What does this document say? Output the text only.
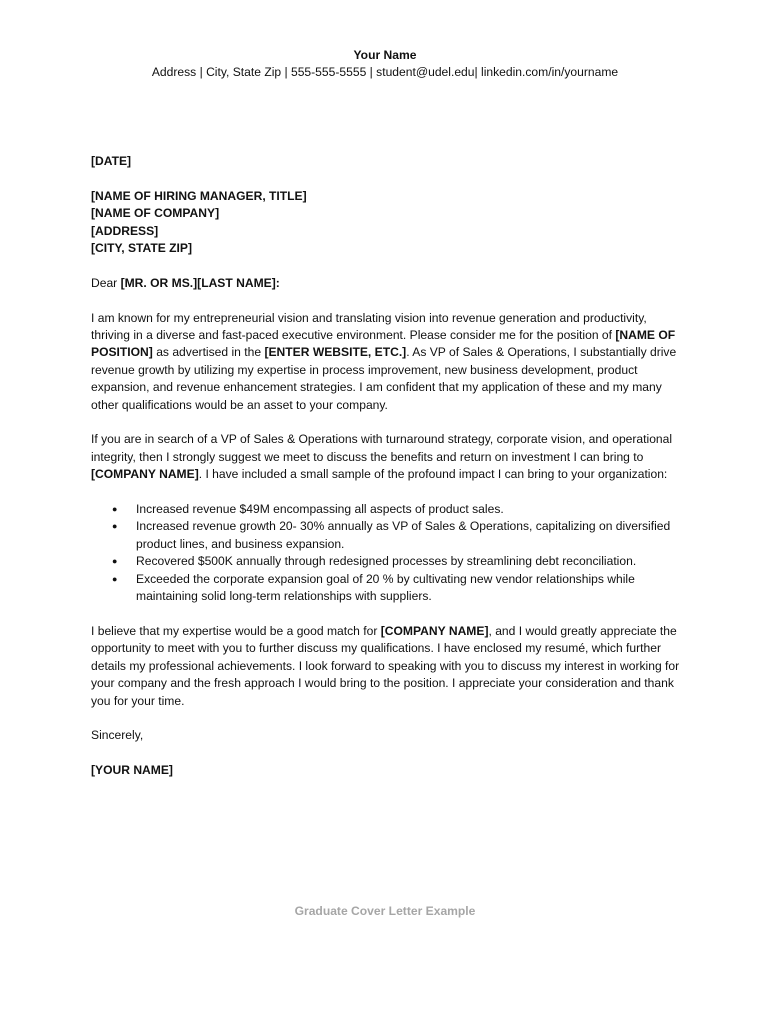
Your Name
Address | City, State Zip | 555-555-5555 | student@udel.edu| linkedin.com/in/yourname

[DATE]

[NAME OF HIRING MANAGER, TITLE]
[NAME OF COMPANY]
[ADDRESS]
[CITY, STATE ZIP]

Dear [MR. OR MS.][LAST NAME]:

I am known for my entrepreneurial vision and translating vision into revenue generation and productivity, thriving in a diverse and fast-paced executive environment. Please consider me for the position of [NAME OF POSITION] as advertised in the [ENTER WEBSITE, ETC.]. As VP of Sales & Operations, I substantially drive revenue growth by utilizing my expertise in process improvement, new business development, product expansion, and revenue enhancement strategies. I am confident that my application of these and my many other qualifications would be an asset to your company.

If you are in search of a VP of Sales & Operations with turnaround strategy, corporate vision, and operational integrity, then I strongly suggest we meet to discuss the benefits and return on investment I can bring to [COMPANY NAME]. I have included a small sample of the profound impact I can bring to your organization:

● Increased revenue $49M encompassing all aspects of product sales.
● Increased revenue growth 20- 30% annually as VP of Sales & Operations, capitalizing on diversified product lines, and business expansion.
● Recovered $500K annually through redesigned processes by streamlining debt reconciliation.
● Exceeded the corporate expansion goal of 20 % by cultivating new vendor relationships while maintaining solid long-term relationships with suppliers.

I believe that my expertise would be a good match for [COMPANY NAME], and I would greatly appreciate the opportunity to meet with you to further discuss my qualifications. I have enclosed my resumé, which further details my professional achievements. I look forward to speaking with you to discuss my interest in working for your company and the fresh approach I would bring to the position. I appreciate your consideration and thank you for your time.

Sincerely,

[YOUR NAME]

Graduate Cover Letter Example
